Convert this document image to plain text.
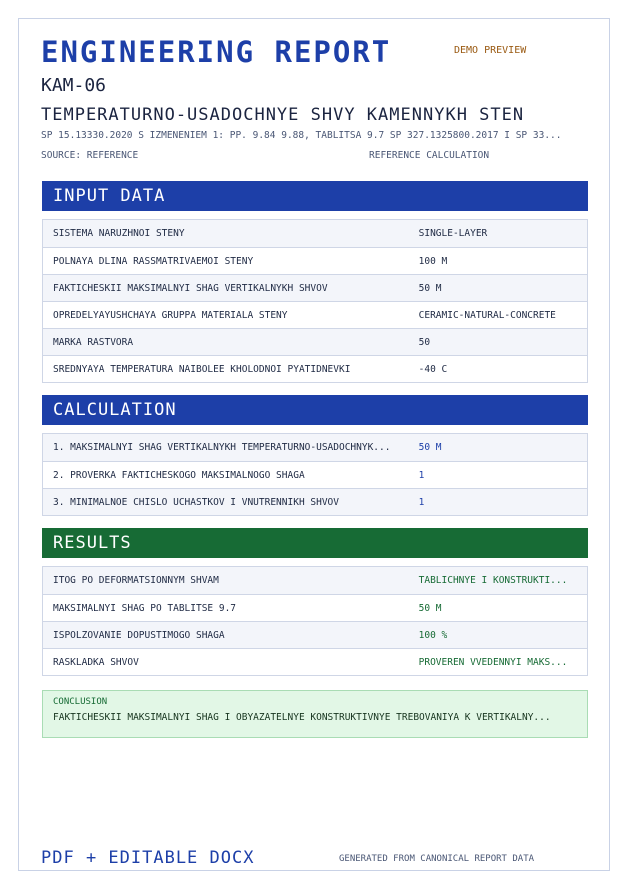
ENGINEERING REPORT	DEMO PREVIEW
KAM-06
TEMPERATURNO-USADOCHNYE SHVY KAMENNYKH STEN
SP 15.13330.2020 S IZMENENIEM 1: PP. 9.84 9.88, TABLITSA 9.7 SP 327.1325800.2017 I SP 33...
SOURCE: REFERENCE	REFERENCE CALCULATION
INPUT DATA
SISTEMA NARUZHNOI STENY	SINGLE-LAYER
POLNAYA DLINA RASSMATRIVAEMOI STENY	100 M
FAKTICHESKII MAKSIMALNYI SHAG VERTIKALNYKH SHVOV	50 M
OPREDELYAYUSHCHAYA GRUPPA MATERIALA STENY	CERAMIC-NATURAL-CONCRETE
MARKA RASTVORA	50
SREDNYAYA TEMPERATURA NAIBOLEE KHOLODNOI PYATIDNEVKI	-40 C
CALCULATION
1. MAKSIMALNYI SHAG VERTIKALNYKH TEMPERATURNO-USADOCHNYK...	50 M
2. PROVERKA FAKTICHESKOGO MAKSIMALNOGO SHAGA	1
3. MINIMALNOE CHISLO UCHASTKOV I VNUTRENNIKH SHVOV	1
RESULTS
ITOG PO DEFORMATSIONNYM SHVAM	TABLICHNYE I KONSTRUKTI...
MAKSIMALNYI SHAG PO TABLITSE 9.7	50 M
ISPOLZOVANIE DOPUSTIMOGO SHAGA	100 %
RASKLADKA SHVOV	PROVEREN VVEDENNYI MAKS...
CONCLUSION
FAKTICHESKII MAKSIMALNYI SHAG I OBYAZATELNYE KONSTRUKTIVNYE TREBOVANIYA K VERTIKALNY...
PDF + EDITABLE DOCX	GENERATED FROM CANONICAL REPORT DATA
